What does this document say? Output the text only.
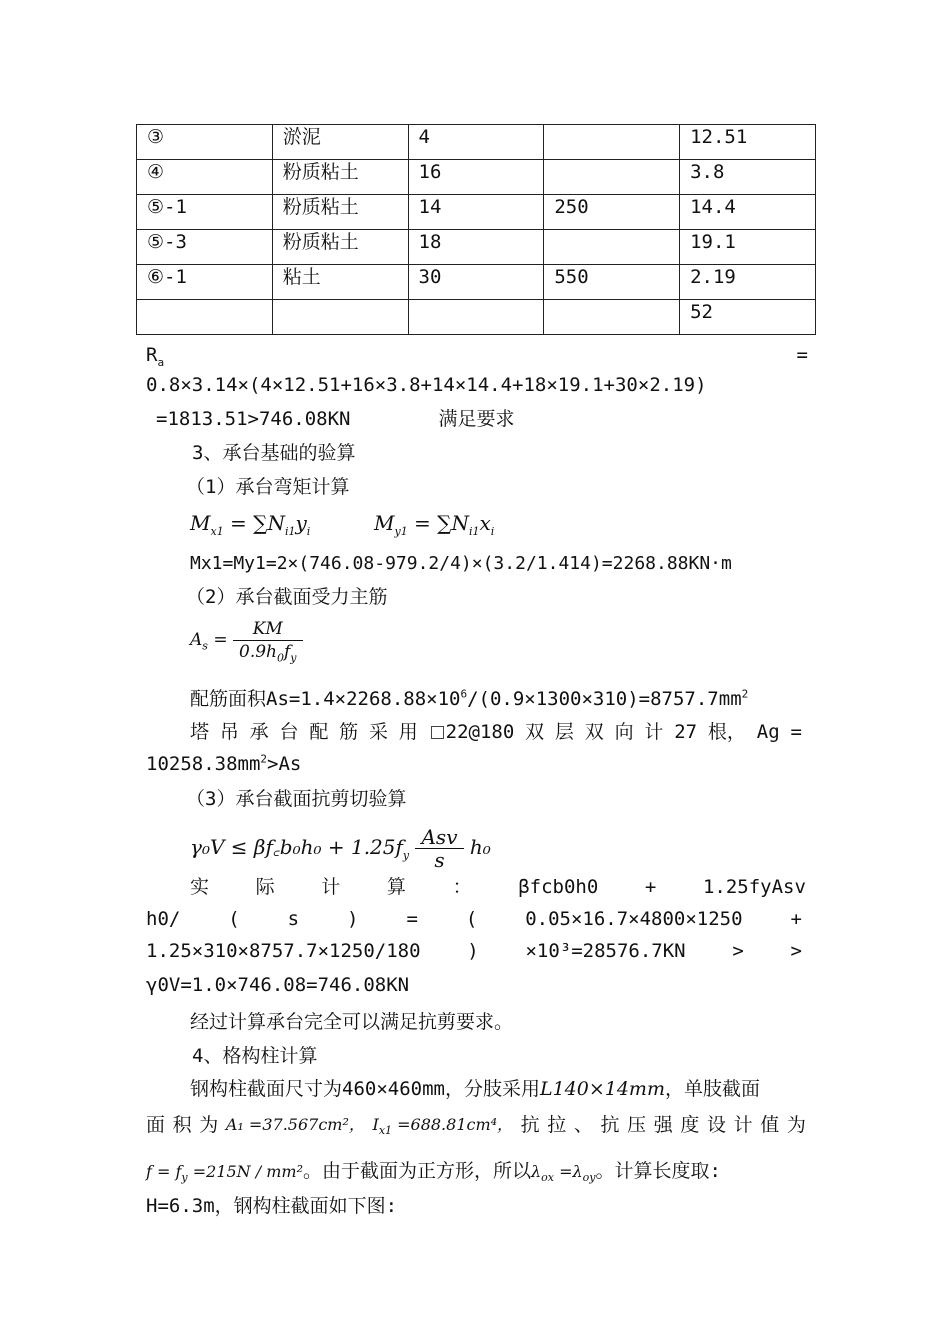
③	淤泥	4		12.51
④	粉质粘土	16		3.8
⑤-1	粉质粘土	14	250	14.4
⑤-3	粉质粘土	18		19.1
⑥-1	粘土	30	550	2.19
				52
$R_a$	=
0.8×3.14×(4×12.51+16×3.8+14×14.4+18×19.1+30×2.19)
=1813.51>746.08KN	满足要求
3、承台基础的验算
（1）承台弯矩计算
$M_{x1} = \sum N_{i1}y_i$	$M_{y1} = \sum N_{i1}x_i$
Mx1=My1=2×(746.08-979.2/4)×(3.2/1.414)=2268.88KN·m
（2）承台截面受力主筋
$A_s = \frac{KM}{0.9h_0f_y}$
配筋面积$As=1.4\times 2268.88\times 10^6/(0.9\times 1300\times 310)=8757.7mm^2$
塔 吊 承 台 配 筋 采 用	22@180 双 层 双 向 计 27 根， Ag =
$10258.38mm^2>As$
（3）承台截面抗剪切验算
γ₀V ≤ βf꜀b₀h₀ + $1.25f_y \frac{\text{Asv}}{s} h_0$
实 际 计 算 ： βfcb0h0 + 1.25fyAsv
h0/	(	s	)	=	(	0.05×16.7×4800×1250	+
1.25×310×8757.7×1250/180 ) ×10³=28576.7KN > >
γ0V=1.0×746.08=746.08KN
经过计算承台完全可以满足抗剪要求。
4、格构柱计算
钢构柱截面尺寸为460×460mm，分肢采用L140×14mm，单肢截面
面 积 为 A₁ =37.567cm²， $I_{x1} =688.81cm^4$， 抗 拉 、 抗 压 强 度 设 计 值 为
$f = f_y =215N / mm^2$。由于截面为正方形，所以$\lambda_{ox} =\lambda_{oy}$。计算长度取:
H=6.3m，钢构柱截面如下图:
